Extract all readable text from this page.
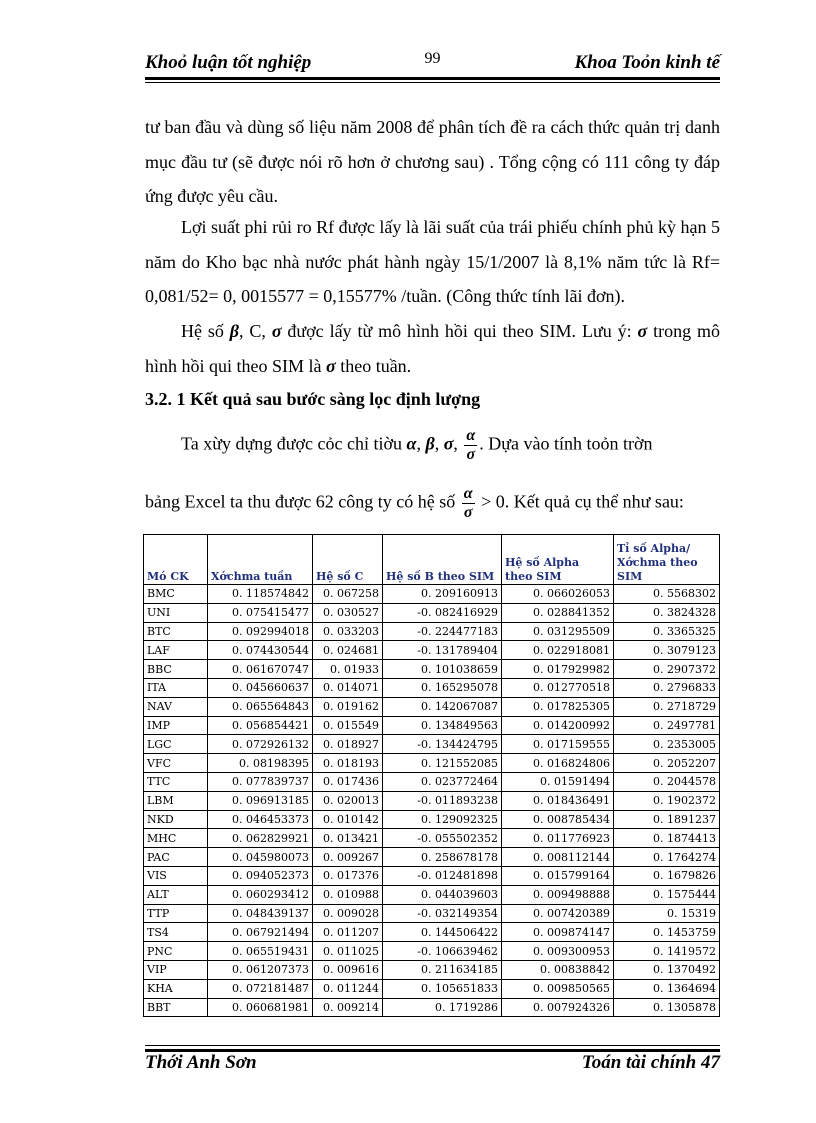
Khoỏ luận tốt nghiệp	99	Khoa Toỏn kinh tế

tư ban đầu và dùng số liệu năm 2008 để phân tích đề ra cách thức quản trị danh mục đầu tư (sẽ được nói rõ hơn ở chương sau) . Tổng cộng có 111 công ty đáp ứng được yêu cầu.

Lợi suất phi rủi ro Rf được lấy là lãi suất của trái phiếu chính phủ kỳ hạn 5 năm do Kho bạc nhà nước phát hành ngày 15/1/2007 là 8,1% năm tức là Rf= 0,081/52= 0, 0015577 = 0,15577% /tuần. (Công thức tính lãi đơn).

Hệ số β, C, σ được lấy từ mô hình hồi qui theo SIM. Lưu ý: σ trong mô hình hồi qui theo SIM là σ theo tuần.

3.2. 1 Kết quả sau bước sàng lọc định lượng
Ta xừy dựng được cỏc chỉ tiờu α, β, σ, $\frac{\alpha}{\sigma}$ . Dựa vào tính toỏn trờn
bảng Excel ta thu được 62 công ty có hệ số $\frac{\alpha}{\sigma} > 0$. Kết quả cụ thể như sau:
Mó CK	Xớchma tuần	Hệ số C	Hệ số B theo SIM	Hệ số Alpha theo SIM	Tỉ số Alpha/ Xớchma theo SIM
BMC	0. 118574842	0. 067258	0. 209160913	0. 066026053	0. 5568302
UNI	0. 075415477	0. 030527	-0. 082416929	0. 028841352	0. 3824328
BTC	0. 092994018	0. 033203	-0. 224477183	0. 031295509	0. 3365325
LAF	0. 074430544	0. 024681	-0. 131789404	0. 022918081	0. 3079123
BBC	0. 061670747	0. 01933	0. 101038659	0. 017929982	0. 2907372
ITA	0. 045660637	0. 014071	0. 165295078	0. 012770518	0. 2796833
NAV	0. 065564843	0. 019162	0. 142067087	0. 017825305	0. 2718729
IMP	0. 056854421	0. 015549	0. 134849563	0. 014200992	0. 2497781
LGC	0. 072926132	0. 018927	-0. 134424795	0. 017159555	0. 2353005
VFC	0. 08198395	0. 018193	0. 121552085	0. 016824806	0. 2052207
TTC	0. 077839737	0. 017436	0. 023772464	0. 01591494	0. 2044578
LBM	0. 096913185	0. 020013	-0. 011893238	0. 018436491	0. 1902372
NKD	0. 046453373	0. 010142	0. 129092325	0. 008785434	0. 1891237
MHC	0. 062829921	0. 013421	-0. 055502352	0. 011776923	0. 1874413
PAC	0. 045980073	0. 009267	0. 258678178	0. 008112144	0. 1764274
VIS	0. 094052373	0. 017376	-0. 012481898	0. 015799164	0. 1679826
ALT	0. 060293412	0. 010988	0. 044039603	0. 009498888	0. 1575444
TTP	0. 048439137	0. 009028	-0. 032149354	0. 007420389	0. 15319
TS4	0. 067921494	0. 011207	0. 144506422	0. 009874147	0. 1453759
PNC	0. 065519431	0. 011025	-0. 106639462	0. 009300953	0. 1419572
VIP	0. 061207373	0. 009616	0. 211634185	0. 00838842	0. 1370492
KHA	0. 072181487	0. 011244	0. 105651833	0. 009850565	0. 1364694
BBT	0. 060681981	0. 009214	0. 1719286	0. 007924326	0. 1305878
Thới Anh Sơn	Toán tài chính 47
